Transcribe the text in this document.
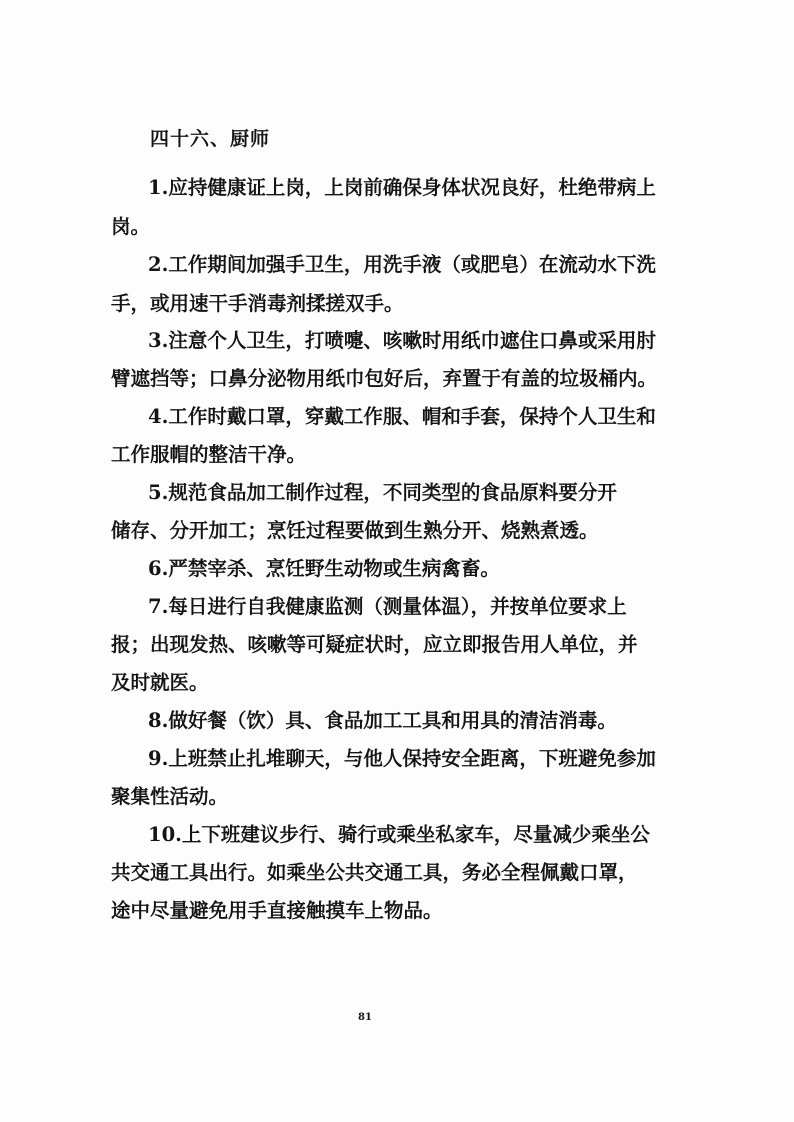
四十六、厨师
1.应持健康证上岗，上岗前确保身体状况良好，杜绝带病上
岗。
2.工作期间加强手卫生，用洗手液（或肥皂）在流动水下洗
手，或用速干手消毒剂揉搓双手。
3.注意个人卫生，打喷嚏、咳嗽时用纸巾遮住口鼻或采用肘
臂遮挡等；口鼻分泌物用纸巾包好后，弃置于有盖的垃圾桶内。
4.工作时戴口罩，穿戴工作服、帽和手套，保持个人卫生和
工作服帽的整洁干净。
5.规范食品加工制作过程，不同类型的食品原料要分开
储存、分开加工；烹饪过程要做到生熟分开、烧熟煮透。
6.严禁宰杀、烹饪野生动物或生病禽畜。
7.每日进行自我健康监测（测量体温），并按单位要求上
报；出现发热、咳嗽等可疑症状时，应立即报告用人单位，并
及时就医。
8.做好餐（饮）具、食品加工工具和用具的清洁消毒。
9.上班禁止扎堆聊天，与他人保持安全距离，下班避免参加
聚集性活动。
10.上下班建议步行、骑行或乘坐私家车，尽量减少乘坐公
共交通工具出行。如乘坐公共交通工具，务必全程佩戴口罩，
途中尽量避免用手直接触摸车上物品。
81
